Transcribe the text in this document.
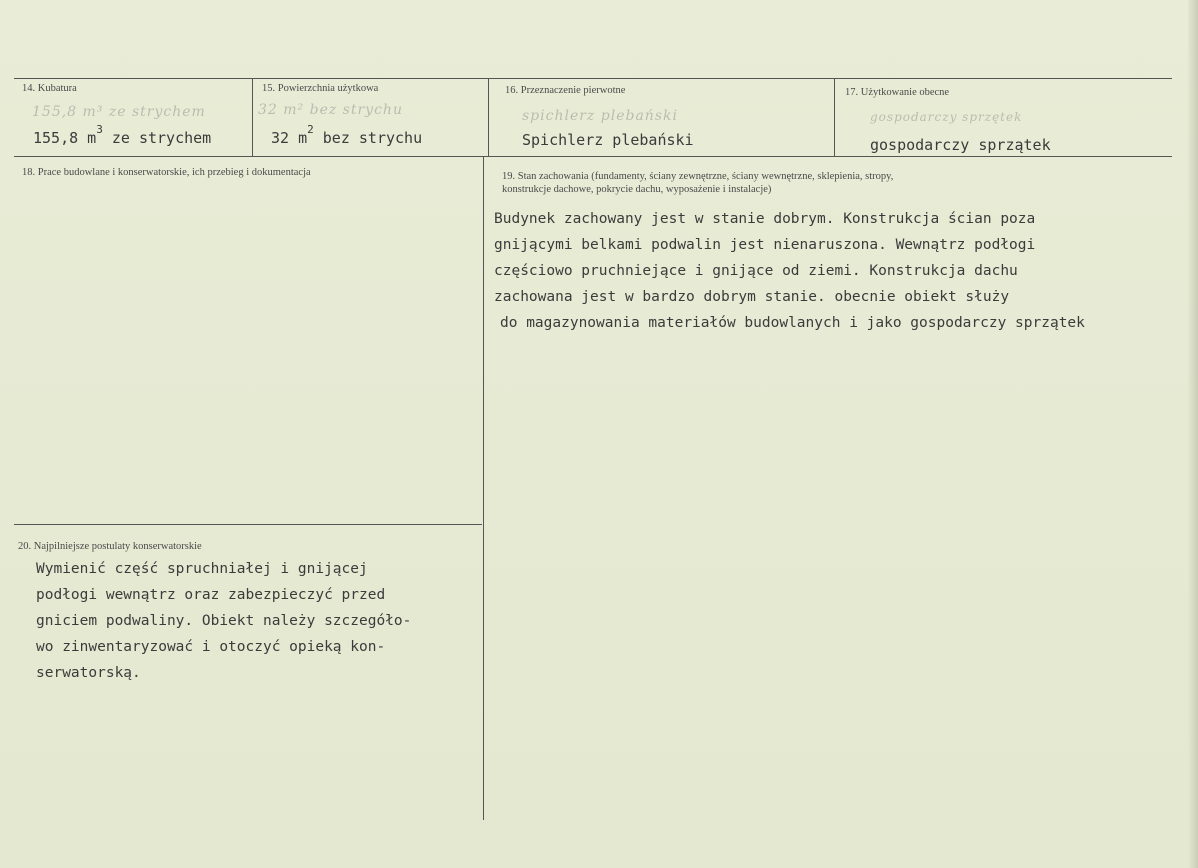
14. Kubatura
155,8 m³ ze strychem
155,8 $m^3$ ze strychem
15. Powierzchnia użytkowa
32 m² bez strychu
32 $m^2$ bez strychu
16. Przeznaczenie pierwotne
spichlerz plebański
Spichlerz plebański
17. Użytkowanie obecne
gospodarczy sprzętek
gospodarczy sprzątek
18. Prace budowlane i konserwatorskie, ich przebieg i dokumentacja	19. Stan zachowania (fundamenty, ściany zewnętrzne, ściany wewnętrzne, sklepienia, stropy,
konstrukcje dachowe, pokrycie dachu, wyposażenie i instalacje)
Budynek zachowany jest w stanie dobrym. Konstrukcja ścian poza
gnijącymi belkami podwalin jest nienaruszona. Wewnątrz podłogi
częściowo pruchniejące i gnijące od ziemi. Konstrukcja dachu
zachowana jest w bardzo dobrym stanie. obecnie obiekt służy
do magazynowania materiałów budowlanych i jako gospodarczy sprzątek
20. Najpilniejsze postulaty konserwatorskie
Wymienić część spruchniałej i gnijącej
podłogi wewnątrz oraz zabezpieczyć przed
gniciem podwaliny. Obiekt należy szczegóło-
wo zinwentaryzować i otoczyć opieką kon-
serwatorską.
